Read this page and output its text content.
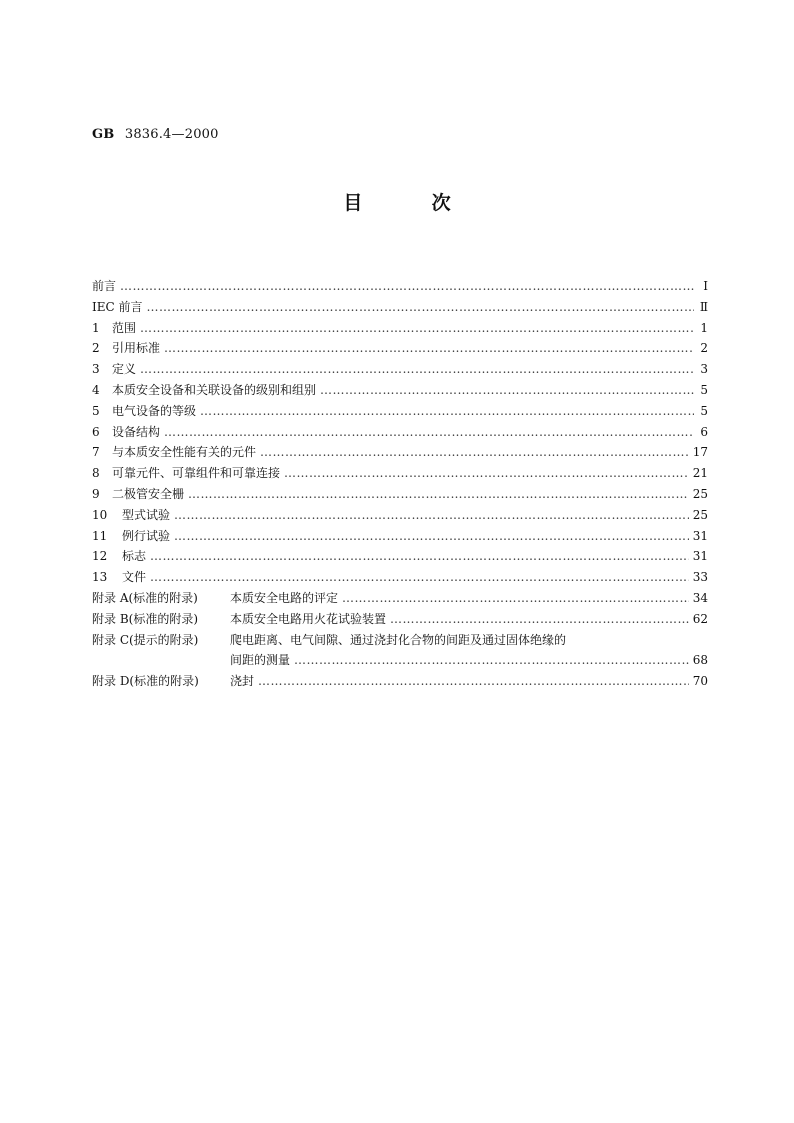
GB 3836.4—2000
目	次
前言 …………………………………………………………………………………………………………………………………………………………………………………………………………………………………………	Ⅰ
IEC 前言 …………………………………………………………………………………………………………………………………………………………………………………………………………………………………………	Ⅱ
1 范围 …………………………………………………………………………………………………………………………………………………………………………………………………………………………………………	1
2 引用标准 …………………………………………………………………………………………………………………………………………………………………………………………………………………………………………	2
3 定义 …………………………………………………………………………………………………………………………………………………………………………………………………………………………………………	3
4 本质安全设备和关联设备的级别和组别 …………………………………………………………………………………………………………………………………………………………………………………………………………………………………………	5
5 电气设备的等级 …………………………………………………………………………………………………………………………………………………………………………………………………………………………………………	5
6 设备结构 …………………………………………………………………………………………………………………………………………………………………………………………………………………………………………	6
7 与本质安全性能有关的元件 …………………………………………………………………………………………………………………………………………………………………………………………………………………………………………	17
8 可靠元件、可靠组件和可靠连接 …………………………………………………………………………………………………………………………………………………………………………………………………………………………………………	21
9 二极管安全栅 …………………………………………………………………………………………………………………………………………………………………………………………………………………………………………	25
10 型式试验 …………………………………………………………………………………………………………………………………………………………………………………………………………………………………………	25
11 例行试验 …………………………………………………………………………………………………………………………………………………………………………………………………………………………………………	31
12 标志 …………………………………………………………………………………………………………………………………………………………………………………………………………………………………………	31
13 文件 …………………………………………………………………………………………………………………………………………………………………………………………………………………………………………	33
附录 A(标准的附录)	本质安全电路的评定 …………………………………………………………………………………………………………………………………………………………………………………………………………………………………………	34
附录 B(标准的附录)	本质安全电路用火花试验装置 …………………………………………………………………………………………………………………………………………………………………………………………………………………………………………	62
附录 C(提示的附录)	爬电距离、电气间隙、通过浇封化合物的间距及通过固体绝缘的
间距的测量 …………………………………………………………………………………………………………………………………………………………………………………………………………………………………………	68
附录 D(标准的附录)	浇封 …………………………………………………………………………………………………………………………………………………………………………………………………………………………………………	70
